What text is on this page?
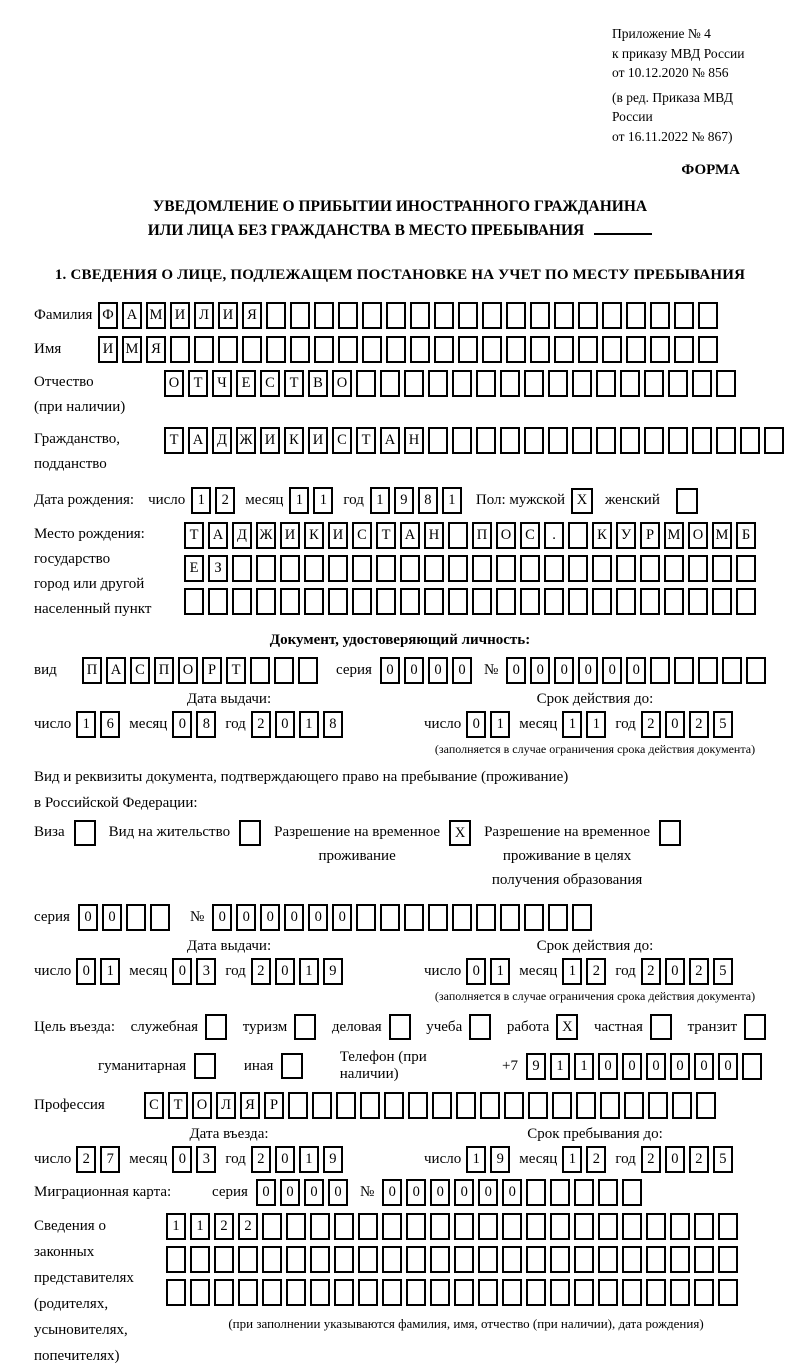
Приложение № 4
к приказу МВД России
от 10.12.2020 № 856
(в ред. Приказа МВД России
от 16.11.2022 № 867)
ФОРМА
УВЕДОМЛЕНИЕ О ПРИБЫТИИ ИНОСТРАННОГО ГРАЖДАНИНА
ИЛИ ЛИЦА БЕЗ ГРАЖДАНСТВА В МЕСТО ПРЕБЫВАНИЯ
1. СВЕДЕНИЯ О ЛИЦЕ, ПОДЛЕЖАЩЕМ ПОСТАНОВКЕ НА УЧЕТ ПО МЕСТУ ПРЕБЫВАНИЯ
Фамилия Ф А М И Л И Я
Имя	И М Я
Отчество
(при наличии)
О Т	Ч	Е	С	Т	В О
Гражданство,
подданство
Т А Д Ж И К И С	Т А Н
Дата рождения: число 1	2	месяц 1	1	год 1	9	8	1	Пол: мужской X	женский
Место рождения:
государство
город или другой
населенный пункт
Т А Д Ж И К И С	Т А Н	П О С	.	К У	Р М О М Б
Е	З
Документ, удостоверяющий личность:
вид	П А С П О	Р	Т	серия 0	0	0	0	№ 0	0	0	0	0	0
Дата выдачи:
число 1	6	месяц 0	8	год 2	0	1	8
Срок действия до:
число 0	1	месяц 1	1	год 2	0	2	5
(заполняется в случае ограничения срока действия документа)
Вид и реквизиты документа, подтверждающего право на пребывание (проживание)
в Российской Федерации:
Виза	Вид на жительство	Разрешение на временное
проживание
X	Разрешение на временное
проживание в целях
получения образования
серия 0	0	№ 0	0	0	0	0	0
Дата выдачи:
число 0	1	месяц 0	3	год 2	0	1	9
Срок действия до:
число 0	1	месяц 1	2	год 2	0	2	5
(заполняется в случае ограничения срока действия документа)
Цель въезда: служебная	туризм	деловая	учеба	работа X	частная	транзит
гуманитарная	иная
Телефон (при наличии)
+7 9	1	1	0	0	0	0	0	0
Профессия	С	Т О Л Я	Р
Дата въезда:
число 2	7	месяц 0	3	год 2	0	1	9
Срок пребывания до:
число 1	9	месяц 1	2	год 2	0	2	5
Миграционная карта:	серия 0	0	0	0	№ 0	0	0	0	0	0
Сведения о
законных
представителях
(родителях,
усыновителях,
попечителях)
1	1	2	2
(при заполнении указываются фамилия, имя, отчество (при наличии), дата рождения)
